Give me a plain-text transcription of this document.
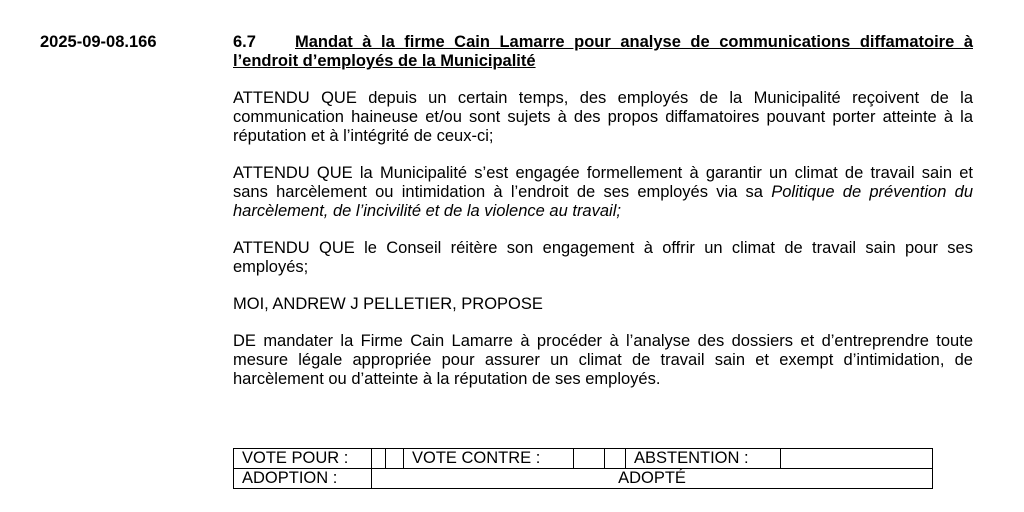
2025-09-08.166	6.7 Mandat à la firme Cain Lamarre pour analyse de communications diffamatoire à l’endroit d’employés de la Municipalité

ATTENDU QUE depuis un certain temps, des employés de la Municipalité reçoivent de la communication haineuse et/ou sont sujets à des propos diffamatoires pouvant porter atteinte à la réputation et à l’intégrité de ceux-ci;

ATTENDU QUE la Municipalité s’est engagée formellement à garantir un climat de travail sain et sans harcèlement ou intimidation à l’endroit de ses employés via sa Politique de prévention du harcèlement, de l’incivilité et de la violence au travail;

ATTENDU QUE le Conseil réitère son engagement à offrir un climat de travail sain pour ses employés;

MOI, ANDREW J PELLETIER, PROPOSE

DE mandater la Firme Cain Lamarre à procéder à l’analyse des dossiers et d’entreprendre toute mesure légale appropriée pour assurer un climat de travail sain et exempt d’intimidation, de harcèlement ou d’atteinte à la réputation de ses employés.

VOTE POUR :			VOTE CONTRE :			ABSTENTION :	
ADOPTION :	ADOPTÉ						
